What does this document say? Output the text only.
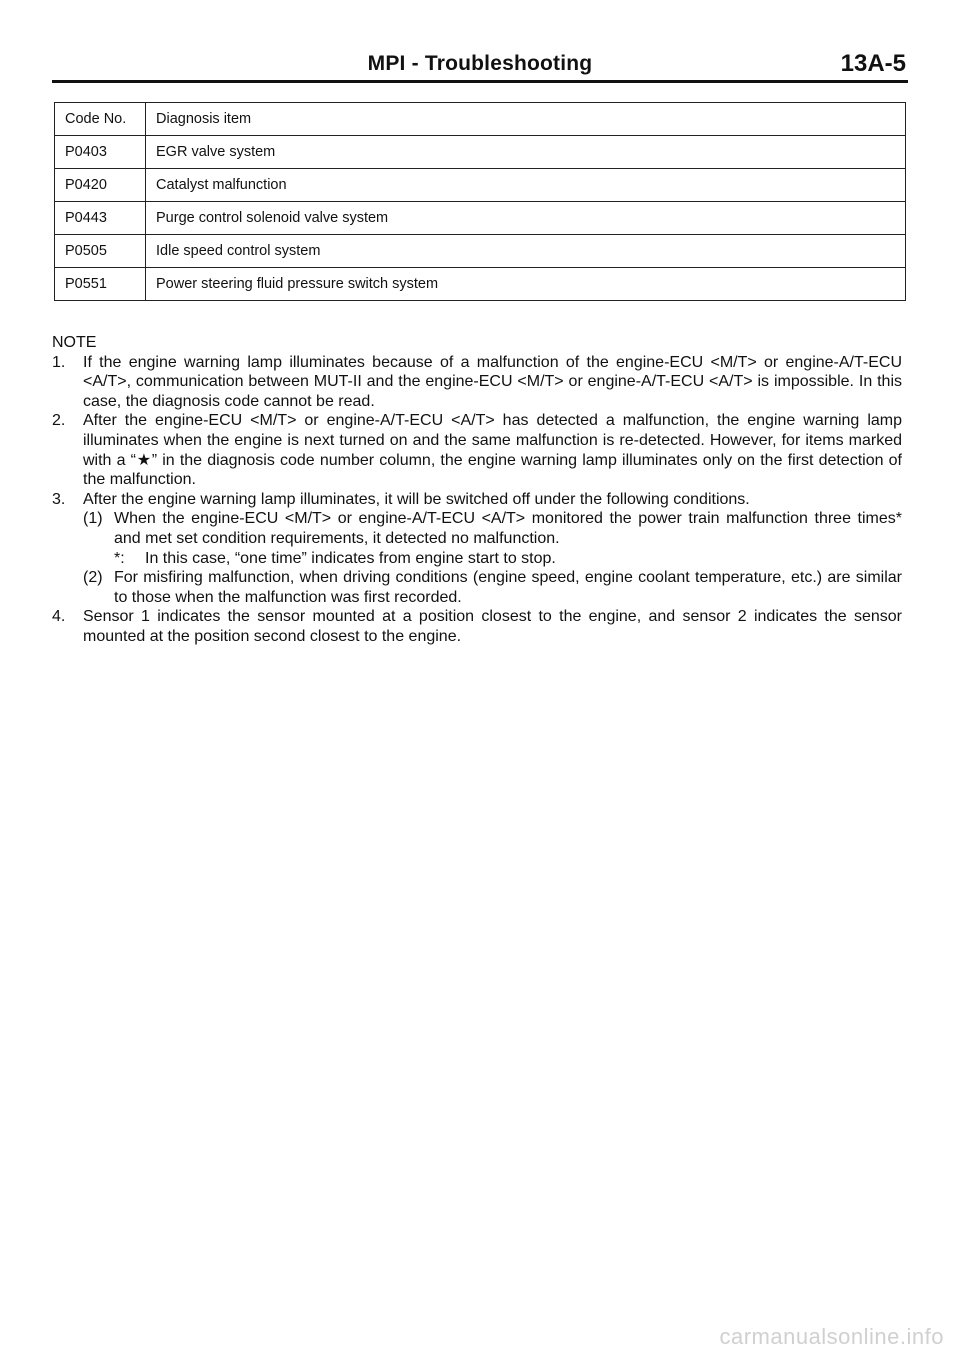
MPI - Troubleshooting	13A-5
Code No.	Diagnosis item
P0403	EGR valve system
P0420	Catalyst malfunction
P0443	Purge control solenoid valve system
P0505	Idle speed control system
P0551	Power steering fluid pressure switch system

NOTE

1. If the engine warning lamp illuminates because of a malfunction of the engine-ECU <M/T> or engine-A/T-ECU <A/T>, communication between MUT-II and the engine-ECU <M/T> or engine-A/T-ECU <A/T> is impossible. In this case, the diagnosis code cannot be read.

2. After the engine-ECU <M/T> or engine-A/T-ECU <A/T> has detected a malfunction, the engine warning lamp illuminates when the engine is next turned on and the same malfunction is re-detected. However, for items marked with a “★” in the diagnosis code number column, the engine warning lamp illuminates only on the first detection of the malfunction.

3. After the engine warning lamp illuminates, it will be switched off under the following conditions.

(1) When the engine-ECU <M/T> or engine-A/T-ECU <A/T> monitored the power train malfunction three times* and met set condition requirements, it detected no malfunction.

*: In this case, “one time” indicates from engine start to stop.

(2) For misfiring malfunction, when driving conditions (engine speed, engine coolant temperature, etc.) are similar to those when the malfunction was first recorded.

4. Sensor 1 indicates the sensor mounted at a position closest to the engine, and sensor 2 indicates the sensor mounted at the position second closest to the engine.

carmanualsonline.info
